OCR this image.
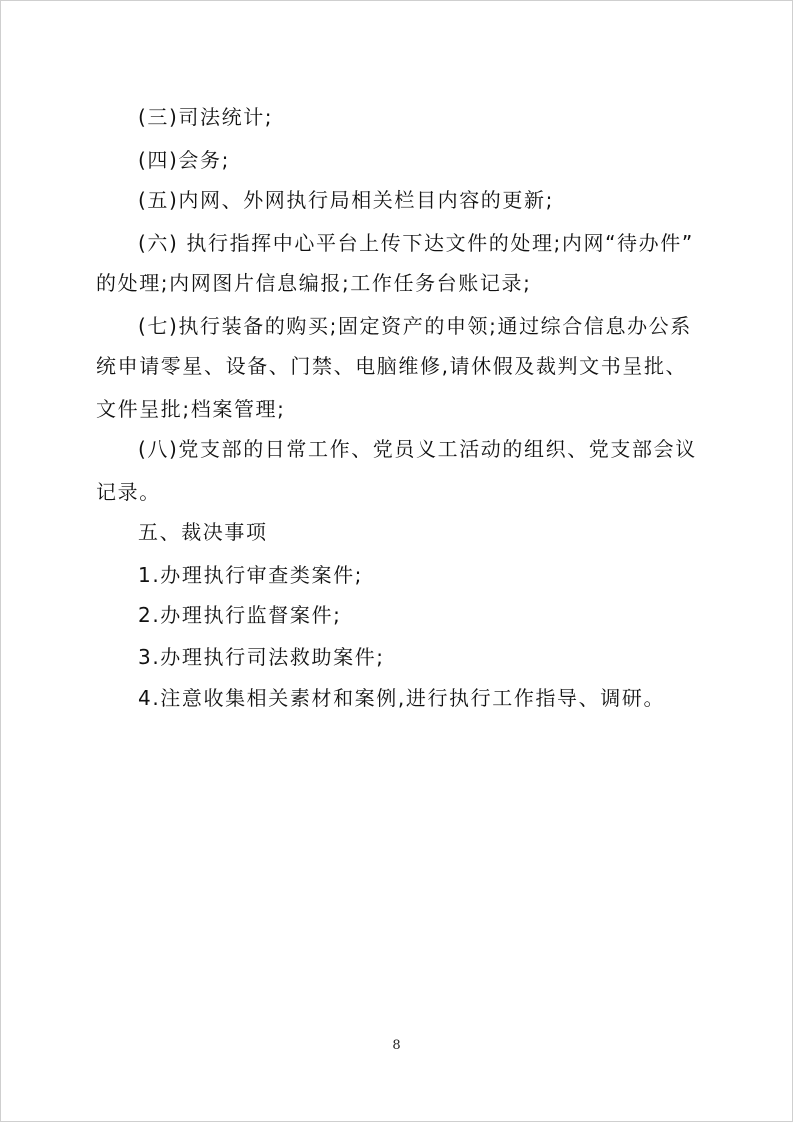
(三)司法统计;
(四)会务;
(五)内网、外网执行局相关栏目内容的更新;
(六) 执行指挥中心平台上传下达文件的处理;内网“待办件”
的处理;内网图片信息编报;工作任务台账记录;
(七)执行装备的购买;固定资产的申领;通过综合信息办公系
统申请零星、设备、门禁、电脑维修,请休假及裁判文书呈批、
文件呈批;档案管理;
(八)党支部的日常工作、党员义工活动的组织、党支部会议
记录。
五、裁决事项
1.办理执行审查类案件;
2.办理执行监督案件;
3.办理执行司法救助案件;
4.注意收集相关素材和案例,进行执行工作指导、调研。
8
